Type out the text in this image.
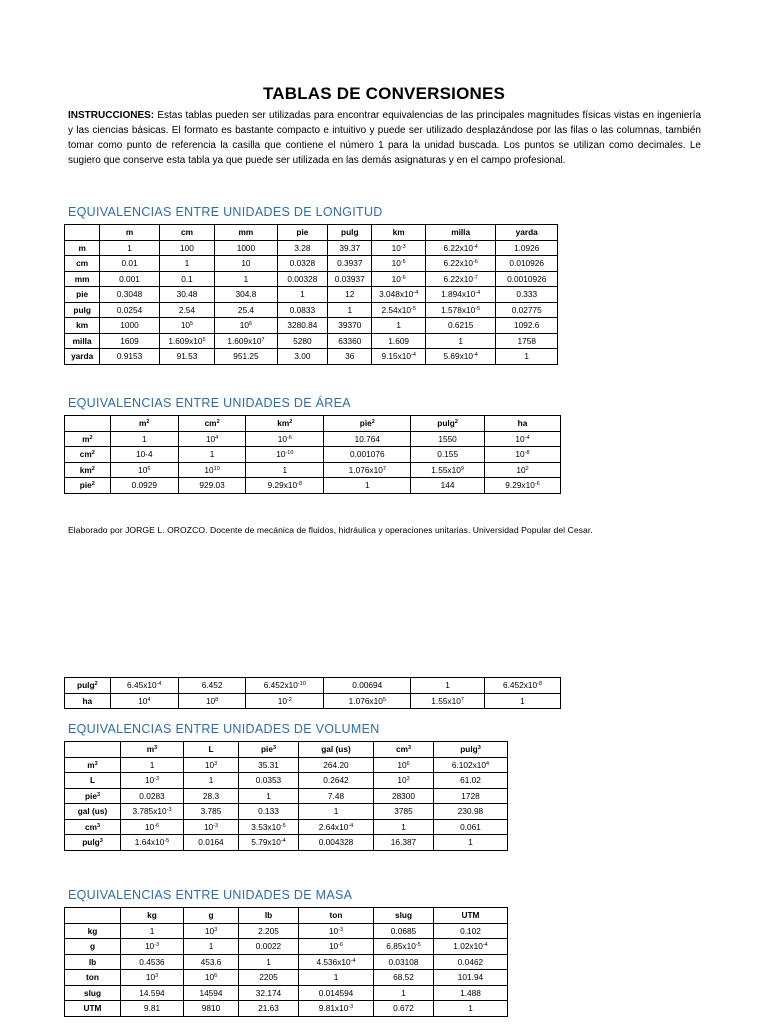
TABLAS DE CONVERSIONES
INSTRUCCIONES: Estas tablas pueden ser utilizadas para encontrar equivalencias de las principales magnitudes físicas vistas en ingeniería y las ciencias básicas. El formato es bastante compacto e intuitivo y puede ser utilizado desplazándose por las filas o las columnas, también tomar como punto de referencia la casilla que contiene el número 1 para la unidad buscada. Los puntos se utilizan como decimales. Le sugiero que conserve esta tabla ya que puede ser utilizada en las demás asignaturas y en el campo profesional.
EQUIVALENCIAS ENTRE UNIDADES DE LONGITUD
	m	cm	mm	pie	pulg	km	milla	yarda
m	1	100	1000	3.28	39.37	$10^{-3}$	$6.22x10^{-4}$	1.0926
cm	0.01	1	10	0.0328	0.3937	$10^{-5}$	$6.22x10^{-6}$	0.010926
mm	0.001	0.1	1	0.00328	0.03937	$10^{-6}$	$6.22x10^{-7}$	0.0010926
pie	0.3048	30.48	304.8	1	12	$3.048x10^{-4}$	$1.894x10^{-4}$	0.333
pulg	0.0254	2.54	25.4	0.0833	1	$2.54x10^{-5}$	$1.578x10^{-5}$	0.02775
km	1000	$10^5$	$10^6$	3280.84	39370	1	0.6215	1092.6
milla	1609	$1.609x10^5$	$1.609x10^7$	5280	63360	1.609	1	1758
yarda	0.9153	91.53	951.25	3.00	36	$9.15x10^{-4}$	$5.69x10^{-4}$	1
EQUIVALENCIAS ENTRE UNIDADES DE ÁREA
	$m^2$	$cm^2$	$km^2$	pie$^2$	pulg$^2$	ha
$m^2$	1	$10^4$	$10^{-6}$	10.764	1550	$10^{-4}$
$cm^2$	10-4	1	$10^{-10}$	0.001076	0.155	$10^{-8}$
$km^2$	$10^6$	$10^{10}$	1	$1.076x10^7$	$1.55x10^9$	$10^2$
pie$^2$	0.0929	929.03	$9.29x10^{-8}$	1	144	$9.29x10^{-6}$
Elaborado por JORGE L. OROZCO. Docente de mecánica de fluidos, hidráulica y operaciones unitarias. Universidad Popular del Cesar.
pulg$^2$	$6.45x10^{-4}$	6.452	$6.452x10^{-10}$	0.00694	1	$6.452x10^{-8}$
ha	$10^4$	$10^8$	$10^{-2}$	$1.076x10^5$	$1.55x10^7$	1
EQUIVALENCIAS ENTRE UNIDADES DE VOLUMEN
	$m^3$	L	pie$^3$	gal (us)	$cm^3$	pulg$^3$
$m^3$	1	$10^3$	35.31	264.20	$10^6$	$6.102x10^4$
L	$10^{-3}$	1	0.0353	0.2642	$10^3$	61.02
pie$^3$	0.0283	28.3	1	7.48	28300	1728
gal (us)	$3.785x10^{-3}$	3.785	0.133	1	3785	230.98
$cm^3$	$10^{-6}$	$10^{-3}$	$3.53x10^{-5}$	$2.64x10^{-4}$	1	0.061
pulg$^3$	$1.64x10^{-5}$	0.0164	$5.79x10^{-4}$	0.004328	16.387	1
EQUIVALENCIAS ENTRE UNIDADES DE MASA
	kg	g	lb	ton	slug	UTM
kg	1	$10^3$	2.205	$10^{-3}$	0.0685	0.102
g	$10^{-3}$	1	0.0022	$10^{-6}$	$6.85x10^{-5}$	$1.02x10^{-4}$
lb	0.4536	453.6	1	$4.536x10^{-4}$	0.03108	0.0462
ton	$10^3$	$10^6$	2205	1	68.52	101.94
slug	14.594	14594	32.174	0.014594	1	1.488
UTM	9.81	9810	21.63	$9.81x10^{-3}$	0.672	1
